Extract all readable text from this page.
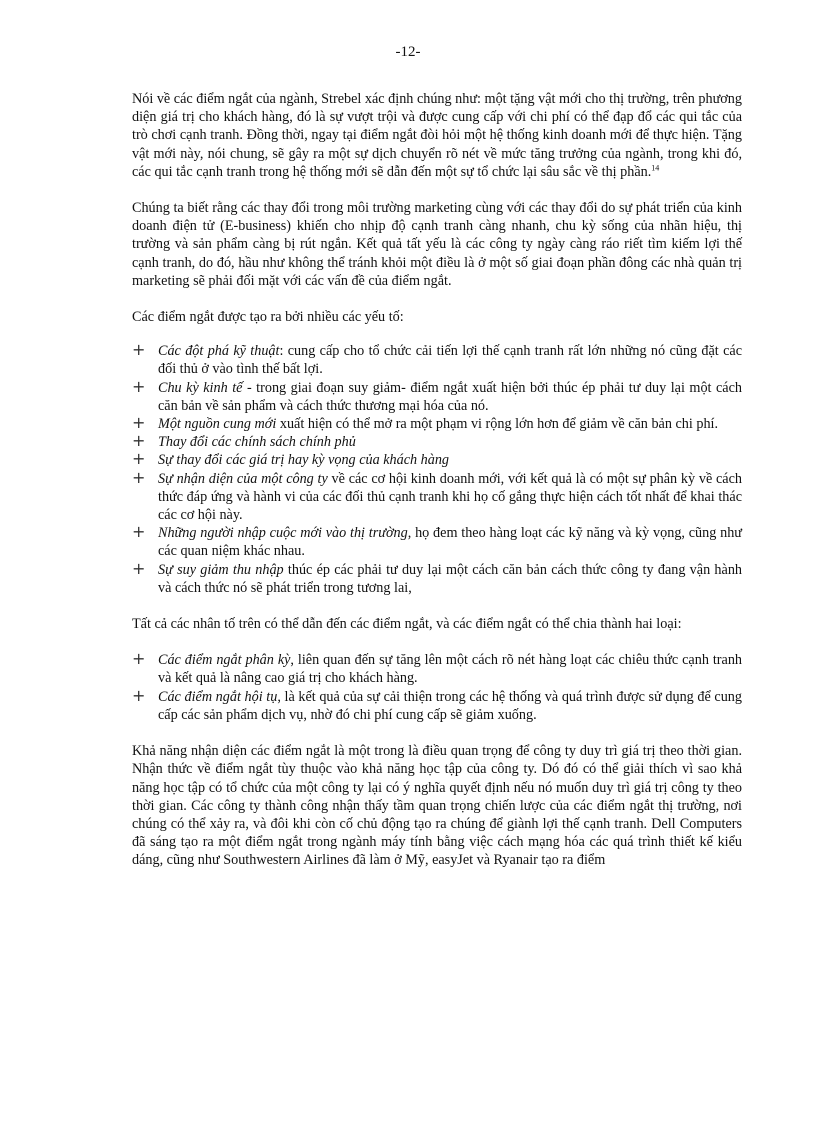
-12-

Nói về các điểm ngắt của ngành, Strebel xác định chúng như: một tặng vật mới cho thị trường, trên phương diện giá trị cho khách hàng, đó là sự vượt trội và được cung cấp với chi phí có thể đạp đổ các qui tắc của trò chơi cạnh tranh. Đồng thời, ngay tại điểm ngắt đòi hỏi một hệ thống kinh doanh mới để thực hiện. Tặng vật mới này, nói chung, sẽ gây ra một sự dịch chuyển rõ nét về mức tăng trưởng của ngành, trong khi đó, các qui tắc cạnh tranh trong hệ thống mới sẽ dẫn đến một sự tổ chức lại sâu sắc về thị phần.$^{14}$

Chúng ta biết rằng các thay đổi trong môi trường marketing cùng với các thay đổi do sự phát triển của kinh doanh điện tử (E-business) khiến cho nhịp độ cạnh tranh càng nhanh, chu kỳ sống của nhãn hiệu, thị trường và sản phẩm càng bị rút ngắn. Kết quả tất yếu là các công ty ngày càng ráo riết tìm kiếm lợi thế cạnh tranh, do đó, hầu như không thể tránh khỏi một điều là ở một số giai đoạn phần đông các nhà quản trị marketing sẽ phải đối mặt với các vấn đề của điểm ngắt.

Các điểm ngắt được tạo ra bởi nhiều các yếu tố:

+ Các đột phá kỹ thuật: cung cấp cho tổ chức cải tiến lợi thế cạnh tranh rất lớn những nó cũng đặt các đối thủ ở vào tình thế bất lợi.
+ Chu kỳ kinh tế - trong giai đoạn suy giảm- điểm ngắt xuất hiện bởi thúc ép phải tư duy lại một cách căn bản về sản phẩm và cách thức thương mại hóa của nó.
+ Một nguồn cung mới xuất hiện có thể mở ra một phạm vi rộng lớn hơn để giảm về căn bản chi phí.
+ Thay đổi các chính sách chính phủ
+ Sự thay đổi các giá trị hay kỳ vọng của khách hàng
+ Sự nhận diện của một công ty về các cơ hội kinh doanh mới, với kết quả là có một sự phân kỳ về cách thức đáp ứng và hành vi của các đối thủ cạnh tranh khi họ cố gắng thực hiện cách tốt nhất để khai thác các cơ hội này.
+ Những người nhập cuộc mới vào thị trường, họ đem theo hàng loạt các kỹ năng và kỳ vọng, cũng như các quan niệm khác nhau.
+ Sự suy giảm thu nhập thúc ép các phải tư duy lại một cách căn bản cách thức công ty đang vận hành và cách thức nó sẽ phát triển trong tương lai,

Tất cả các nhân tố trên có thể dẫn đến các điểm ngắt, và các điểm ngắt có thể chia thành hai loại:

+ Các điểm ngắt phân kỳ, liên quan đến sự tăng lên một cách rõ nét hàng loạt các chiêu thức cạnh tranh và kết quả là nâng cao giá trị cho khách hàng.
+ Các điểm ngắt hội tụ, là kết quả của sự cải thiện trong các hệ thống và quá trình được sử dụng để cung cấp các sản phẩm dịch vụ, nhờ đó chi phí cung cấp sẽ giảm xuống.

Khả năng nhận diện các điểm ngắt là một trong là điều quan trọng để công ty duy trì giá trị theo thời gian. Nhận thức về điểm ngắt tùy thuộc vào khả năng học tập của công ty. Dó đó có thể giải thích vì sao khả năng học tập có tổ chức của một công ty lại có ý nghĩa quyết định nếu nó muốn duy trì giá trị công ty theo thời gian. Các công ty thành công nhận thấy tầm quan trọng chiến lược của các điểm ngắt thị trường, nơi chúng có thể xảy ra, và đôi khi còn cố chủ động tạo ra chúng để giành lợi thế cạnh tranh. Dell Computers đã sáng tạo ra một điểm ngắt trong ngành máy tính bằng việc cách mạng hóa các quá trình thiết kế kiểu dáng, cũng như Southwestern Airlines đã làm ở Mỹ, easyJet và Ryanair tạo ra điểm
